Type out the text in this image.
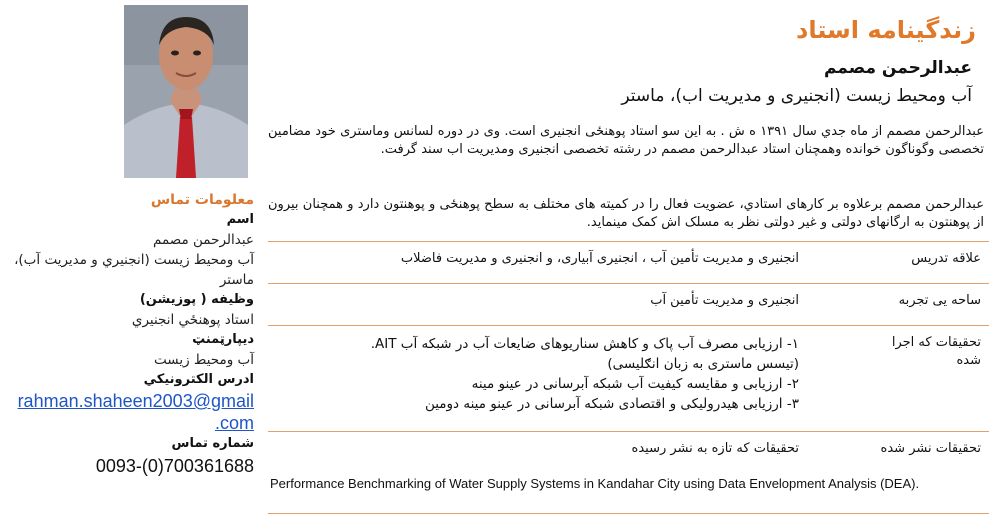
معلومات تماس
اسم
عبدالرحمن مصمم
آب ومحیط زیست (انجنیري و مدیریت آب)، ماستر
وظیفه ( پوزیشن)
استاد پوهنځي انجنیري
دیپارټمنټ
آب ومحیط زیست
ادرس الکترونیکي
rahman.shaheen2003@gmail
.com
شماره تماس
0093-(0)700361688
زندگینامه استاد
عبدالرحمن مصمم
آب ومحیط زیست (انجنیری و مدیریت اب)، ماستر
عبدالرحمن مصمم از ماه جدي سال ۱۳۹۱ ه ش . به این سو استاد پوهنځی انجنیری است. وی در دوره لسانس وماستری خود مضامین تخصصی وگوناگون خوانده وهمچنان استاد عبدالرحمن مصمم در رشته تخصصی انجنیری ومدیریت اب سند گرفت.
عبدالرحمن مصمم برعلاوه بر کارهای استادي، عضویت فعال را در کمیته های مختلف به سطح پوهنځی و پوهنتون دارد و همچنان بیرون از پوهنتون به ارگانهای دولتی و غیر دولتی نظر به مسلک اش کمک مینماید.
علاقه تدریس
انجنیری و مدیریت تأمین آب ، انجنیری آبیاری، و انجنیری و مدیریت فاضلاب
ساحه یی تجربه
انجنیری و مدیریت تأمین آب
تحقیقات که اجرا شده
۱- ارزیابی مصرف آب پاک و کاهش سناریوهای ضایعات آب در شبکه آب AIT.
(تیسس ماستری به زبان انګلیسی)
۲- ارزیابی و مقایسه کیفیت آب شبکه آبرسانی در عینو مینه
۳- ارزیابی هیدرولیکی و اقتصادی شبکه آبرسانی در عینو مینه دومین
تحقیقات نشر شده
تحقیقات که تازه به نشر رسیده
Performance Benchmarking of Water Supply Systems in Kandahar City using Data Envelopment Analysis (DEA).
